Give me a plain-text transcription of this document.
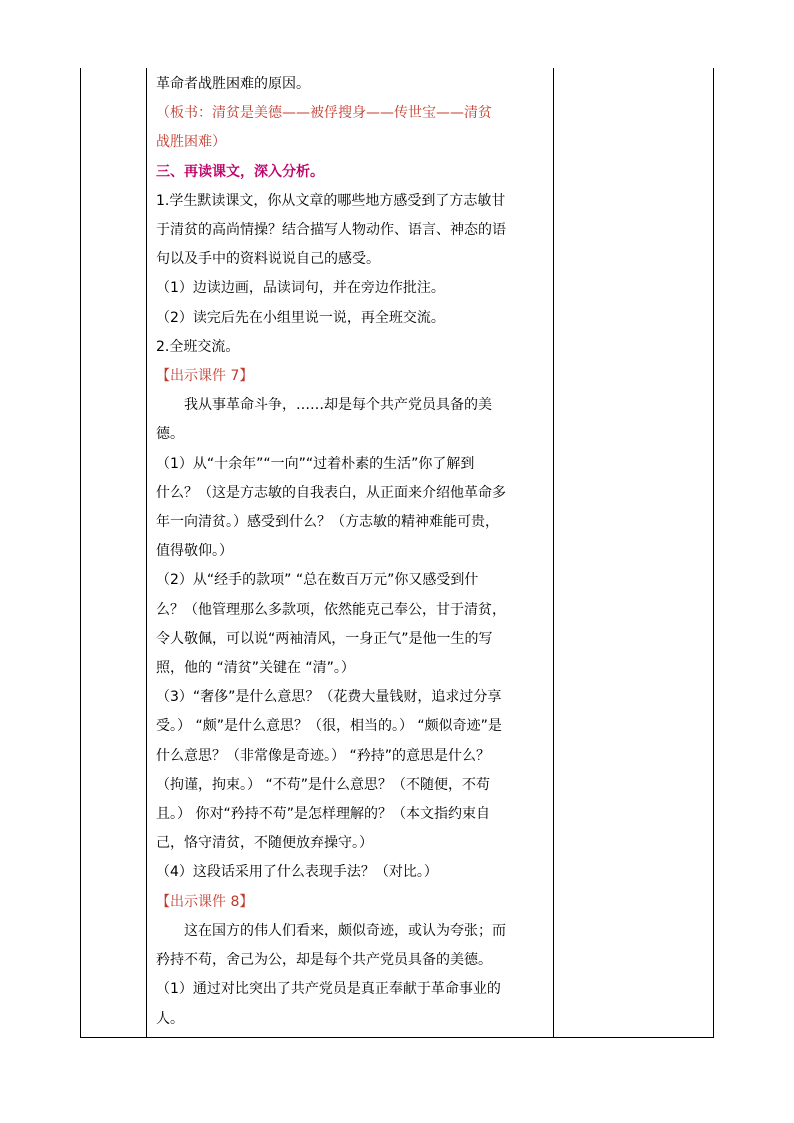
革命者战胜困难的原因。

（板书：清贫是美德——被俘搜身——传世宝——清贫

战胜困难）

三、再读课文，深入分析。

1.学生默读课文，你从文章的哪些地方感受到了方志敏甘

于清贫的高尚情操？结合描写人物动作、语言、神态的语

句以及手中的资料说说自己的感受。

（1）边读边画，品读词句，并在旁边作批注。

（2）读完后先在小组里说一说，再全班交流。

2.全班交流。

【出示课件 7】

我从事革命斗争，……却是每个共产党员具备的美

德。

（1）从“十余年”“一向”“过着朴素的生活”你了解到

什么？（这是方志敏的自我表白，从正面来介绍他革命多

年一向清贫。）感受到什么？（方志敏的精神难能可贵，

值得敬仰。）

（2）从“经手的款项” “总在数百万元”你又感受到什

么？（他管理那么多款项，依然能克己奉公，甘于清贫，

令人敬佩，可以说“两袖清风，一身正气”是他一生的写

照，他的 “清贫”关键在 “清”。）

（3）“奢侈”是什么意思？（花费大量钱财，追求过分享

受。） “颇”是什么意思？（很，相当的。） “颇似奇迹”是

什么意思？（非常像是奇迹。） “矜持”的意思是什么？

（拘谨，拘束。） “不苟”是什么意思？（不随便，不苟

且。） 你对“矜持不苟”是怎样理解的？（本文指约束自

己，恪守清贫，不随便放弃操守。）

（4）这段话采用了什么表现手法？（对比。）

【出示课件 8】

这在国方的伟人们看来，颇似奇迹，或认为夸张；而

矜持不苟，舍己为公，却是每个共产党员具备的美德。

（1）通过对比突出了共产党员是真正奉献于革命事业的

人。
